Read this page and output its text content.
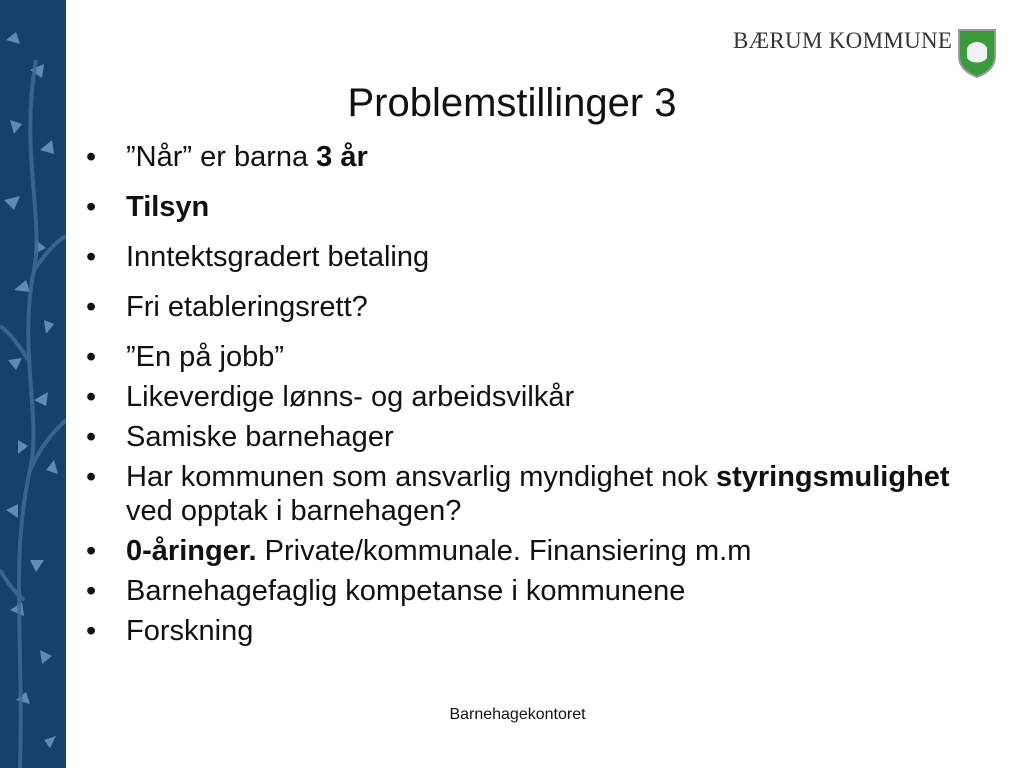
BÆRUM KOMMUNE
Problemstillinger 3
•	”Når” er barna 3 år
•	Tilsyn
•	Inntektsgradert betaling
•	Fri etableringsrett?
•	”En på jobb”
•	Likeverdige lønns- og arbeidsvilkår
•	Samiske barnehager
•	Har kommunen som ansvarlig myndighet nok styringsmulighet ved opptak i barnehagen?
•	0-åringer. Private/kommunale. Finansiering m.m
•	Barnehagefaglig kompetanse i kommunene
•	Forskning
Barnehagekontoret
